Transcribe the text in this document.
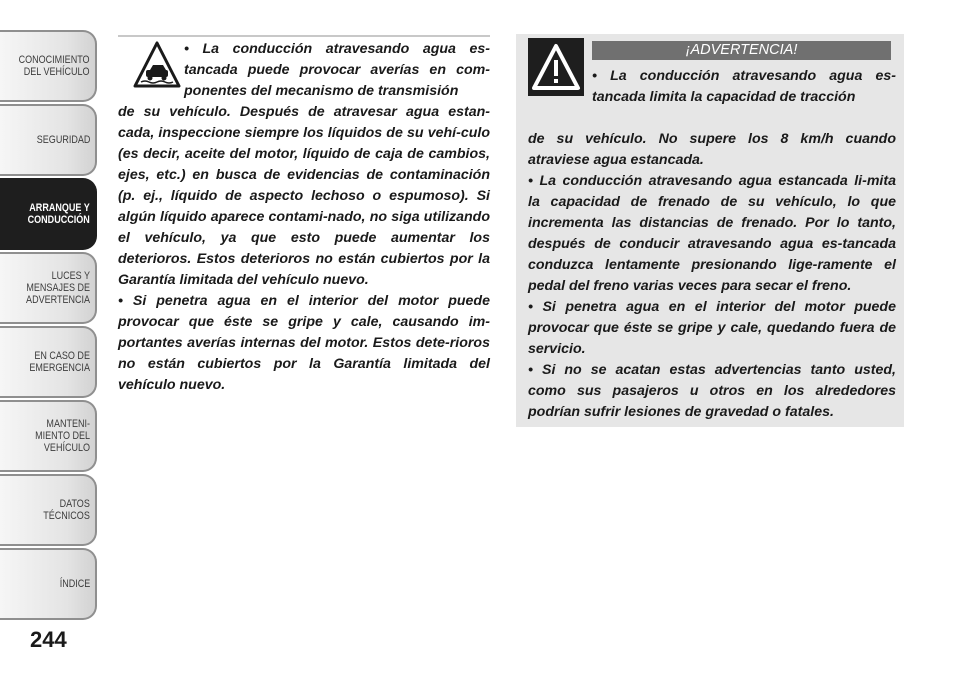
CONOCIMIENTO
DEL VEHÍCULO
SEGURIDAD
ARRANQUE Y
CONDUCCIÓN
LUCES Y
MENSAJES DE
ADVERTENCIA
EN CASO DE
EMERGENCIA
MANTENI-
MIENTO DEL
VEHÍCULO
DATOS
TÉCNICOS
ÍNDICE
244

• La conducción atravesando agua es-tancada puede provocar averías en com-ponentes del mecanismo de transmisión

de su vehículo. Después de atravesar agua estan-cada, inspeccione siempre los líquidos de su vehí-culo (es decir, aceite del motor, líquido de caja de cambios, ejes, etc.) en busca de evidencias de contaminación (p. ej., líquido de aspecto lechoso o espumoso). Si algún líquido aparece contami-nado, no siga utilizando el vehículo, ya que esto puede aumentar los deterioros. Estos deterioros no están cubiertos por la Garantía limitada del vehículo nuevo.

• Si penetra agua en el interior del motor puede provocar que éste se gripe y cale, causando im-portantes averías internas del motor. Estos dete-rioros no están cubiertos por la Garantía limitada del vehículo nuevo.

¡ADVERTENCIA!

• La conducción atravesando agua es-tancada limita la capacidad de tracción

de su vehículo. No supere los 8 km/h cuando atraviese agua estancada.

• La conducción atravesando agua estancada li-mita la capacidad de frenado de su vehículo, lo que incrementa las distancias de frenado. Por lo tanto, después de conducir atravesando agua es-tancada conduzca lentamente presionando lige-ramente el pedal del freno varias veces para secar el freno.

• Si penetra agua en el interior del motor puede provocar que éste se gripe y cale, quedando fuera de servicio.

• Si no se acatan estas advertencias tanto usted, como sus pasajeros u otros en los alrededores podrían sufrir lesiones de gravedad o fatales.
